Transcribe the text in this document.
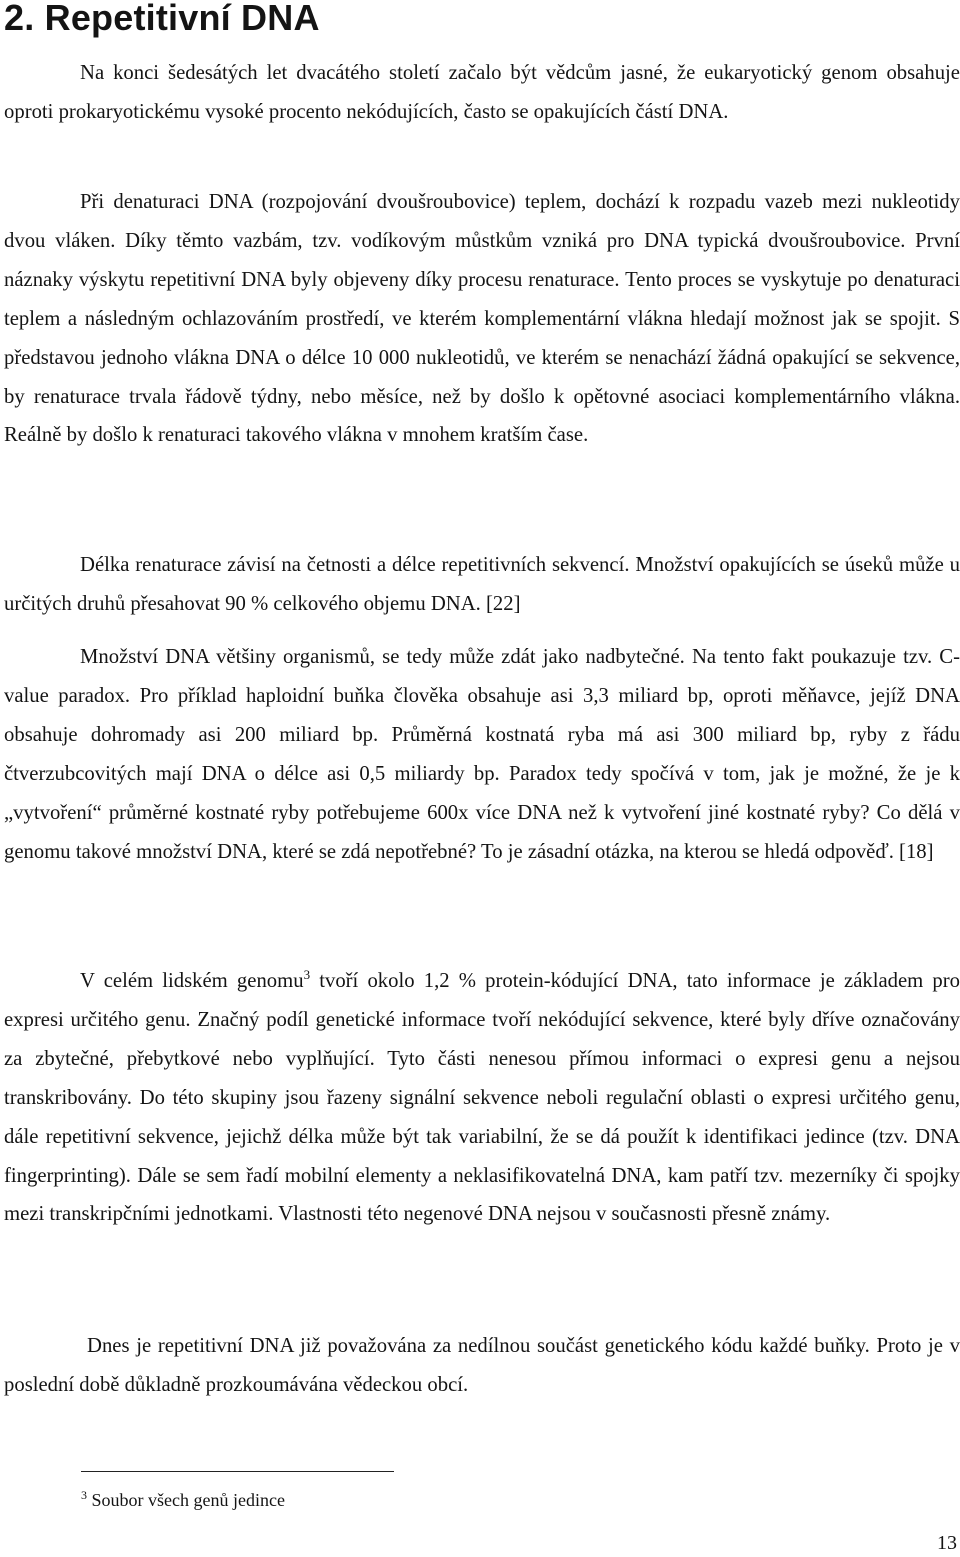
2. Repetitivní DNA

Na konci šedesátých let dvacátého století začalo být vědcům jasné, že eukaryotický genom obsahuje oproti prokaryotickému vysoké procento nekódujících, často se opakujících částí DNA.

Při denaturaci DNA (rozpojování dvoušroubovice) teplem, dochází k rozpadu vazeb mezi nukleotidy dvou vláken. Díky těmto vazbám, tzv. vodíkovým můstkům vzniká pro DNA typická dvoušroubovice. První náznaky výskytu repetitivní DNA byly objeveny díky procesu renaturace. Tento proces se vyskytuje po denaturaci teplem a následným ochlazováním prostředí, ve kterém komplementární vlákna hledají možnost jak se spojit. S představou jednoho vlákna DNA o délce 10 000 nukleotidů, ve kterém se nenachází žádná opakující se sekvence, by renaturace trvala řádově týdny, nebo měsíce, než by došlo k opětovné asociaci komplementárního vlákna. Reálně by došlo k renaturaci takového vlákna v mnohem kratším čase.

Délka renaturace závisí na četnosti a délce repetitivních sekvencí. Množství opakujících se úseků může u určitých druhů přesahovat 90 % celkového objemu DNA. [22]

Množství DNA většiny organismů, se tedy může zdát jako nadbytečné. Na tento fakt poukazuje tzv. C-value paradox. Pro příklad haploidní buňka člověka obsahuje asi 3,3 miliard bp, oproti měňavce, jejíž DNA obsahuje dohromady asi 200 miliard bp. Průměrná kostnatá ryba má asi 300 miliard bp, ryby z řádu čtverzubcovitých mají DNA o délce asi 0,5 miliardy bp. Paradox tedy spočívá v tom, jak je možné, že je k „vytvoření“ průměrné kostnaté ryby potřebujeme 600x více DNA než k vytvoření jiné kostnaté ryby? Co dělá v genomu takové množství DNA, které se zdá nepotřebné? To je zásadní otázka, na kterou se hledá odpověď. [18]

V celém lidském genomu$^3$ tvoří okolo 1,2 % protein-kódující DNA, tato informace je základem pro expresi určitého genu. Značný podíl genetické informace tvoří nekódující sekvence, které byly dříve označovány za zbytečné, přebytkové nebo vyplňující. Tyto části nenesou přímou informaci o expresi genu a nejsou transkribovány. Do této skupiny jsou řazeny signální sekvence neboli regulační oblasti o expresi určitého genu, dále repetitivní sekvence, jejichž délka může být tak variabilní, že se dá použít k identifikaci jedince (tzv. DNA fingerprinting). Dále se sem řadí mobilní elementy a neklasifikovatelná DNA, kam patří tzv. mezerníky či spojky mezi transkripčními jednotkami. Vlastnosti této negenové DNA nejsou v současnosti přesně známy.

Dnes je repetitivní DNA již považována za nedílnou součást genetického kódu každé buňky. Proto je v poslední době důkladně prozkoumávána vědeckou obcí.

$^3$ Soubor všech genů jedince

13
